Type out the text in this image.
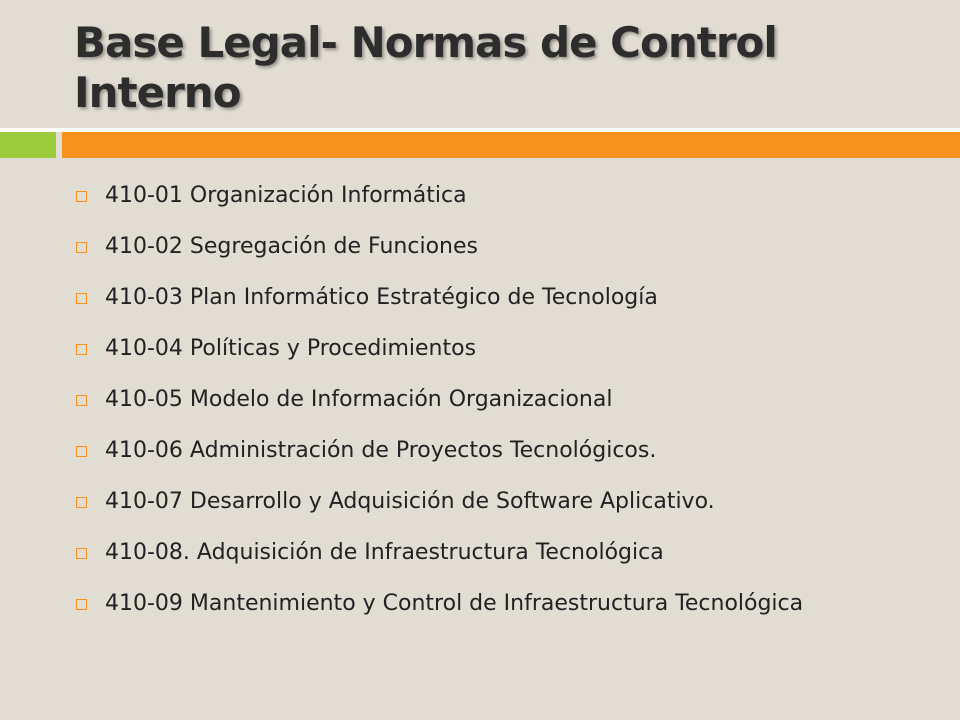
Base Legal- Normas de Control Interno
410-01 Organización Informática
410-02 Segregación de Funciones
410-03 Plan Informático Estratégico de Tecnología
410-04 Políticas y Procedimientos
410-05 Modelo de Información Organizacional
410-06 Administración de Proyectos Tecnológicos.
410-07 Desarrollo y Adquisición de Software Aplicativo.
410-08. Adquisición de Infraestructura Tecnológica
410-09 Mantenimiento y Control de Infraestructura Tecnológica
